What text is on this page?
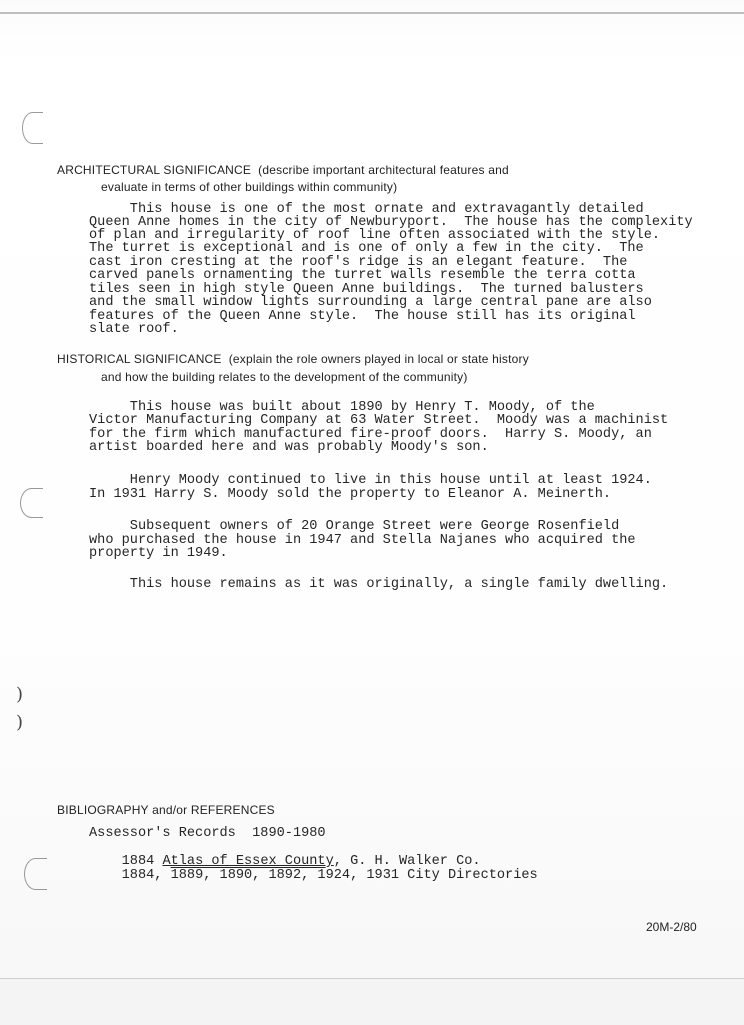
)
)
ARCHITECTURAL SIGNIFICANCE  (describe important architectural features and
evaluate in terms of other buildings within community)
This house is one of the most ornate and extravagantly detailed
Queen Anne homes in the city of Newburyport.  The house has the complexity
of plan and irregularity of roof line often associated with the style.
The turret is exceptional and is one of only a few in the city.  The
cast iron cresting at the roof's ridge is an elegant feature.  The
carved panels ornamenting the turret walls resemble the terra cotta
tiles seen in high style Queen Anne buildings.  The turned balusters
and the small window lights surrounding a large central pane are also
features of the Queen Anne style.  The house still has its original
slate roof.
HISTORICAL SIGNIFICANCE  (explain the role owners played in local or state history
and how the building relates to the development of the community)
This house was built about 1890 by Henry T. Moody, of the
Victor Manufacturing Company at 63 Water Street.  Moody was a machinist
for the firm which manufactured fire-proof doors.  Harry S. Moody, an
artist boarded here and was probably Moody's son.
Henry Moody continued to live in this house until at least 1924.
In 1931 Harry S. Moody sold the property to Eleanor A. Meinerth.
Subsequent owners of 20 Orange Street were George Rosenfield
who purchased the house in 1947 and Stella Najanes who acquired the
property in 1949.
This house remains as it was originally, a single family dwelling.
BIBLIOGRAPHY and/or REFERENCES
Assessor's Records  1890-1980

1884 Atlas of Essex County, G. H. Walker Co.

1884, 1889, 1890, 1892, 1924, 1931 City Directories

20M-2/80
